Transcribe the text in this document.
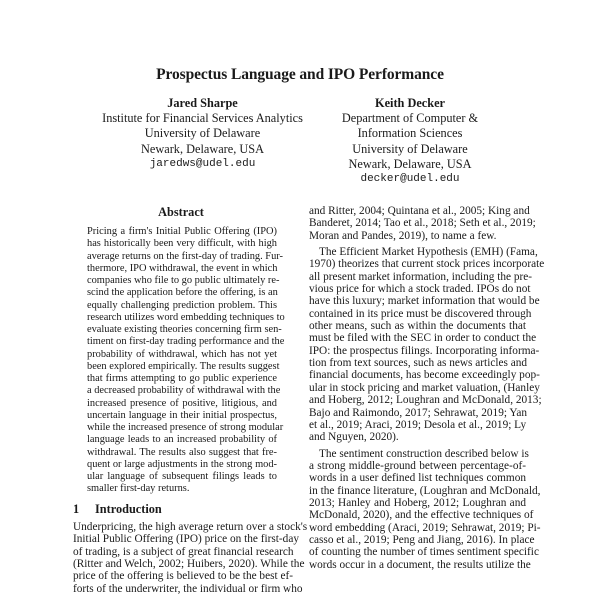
Prospectus Language and IPO Performance
Jared Sharpe
Institute for Financial Services Analytics
University of Delaware
Newark, Delaware, USA
jaredws@udel.edu
Keith Decker
Department of Computer &
Information Sciences
University of Delaware
Newark, Delaware, USA
decker@udel.edu
Abstract
Pricing a firm's Initial Public Offering (IPO)
has historically been very difficult, with high
average returns on the first-day of trading. Fur-
thermore, IPO withdrawal, the event in which
companies who file to go public ultimately re-
scind the application before the offering, is an
equally challenging prediction problem. This
research utilizes word embedding techniques to
evaluate existing theories concerning firm sen-
timent on first-day trading performance and the
probability of withdrawal, which has not yet
been explored empirically. The results suggest
that firms attempting to go public experience
a decreased probability of withdrawal with the
increased presence of positive, litigious, and
uncertain language in their initial prospectus,
while the increased presence of strong modular
language leads to an increased probability of
withdrawal. The results also suggest that fre-
quent or large adjustments in the strong mod-
ular language of subsequent filings leads to
smaller first-day returns.
1 Introduction
Underpricing, the high average return over a stock's
Initial Public Offering (IPO) price on the first-day
of trading, is a subject of great financial research
(Ritter and Welch, 2002; Huibers, 2020). While the
price of the offering is believed to be the best ef-
forts of the underwriter, the individual or firm who
and Ritter, 2004; Quintana et al., 2005; King and
Banderet, 2014; Tao et al., 2018; Seth et al., 2019;
Moran and Pandes, 2019), to name a few.
The Efficient Market Hypothesis (EMH) (Fama,
1970) theorizes that current stock prices incorporate
all present market information, including the pre-
vious price for which a stock traded. IPOs do not
have this luxury; market information that would be
contained in its price must be discovered through
other means, such as within the documents that
must be filed with the SEC in order to conduct the
IPO: the prospectus filings. Incorporating informa-
tion from text sources, such as news articles and
financial documents, has become exceedingly pop-
ular in stock pricing and market valuation, (Hanley
and Hoberg, 2012; Loughran and McDonald, 2013;
Bajo and Raimondo, 2017; Sehrawat, 2019; Yan
et al., 2019; Araci, 2019; Desola et al., 2019; Ly
and Nguyen, 2020).
The sentiment construction described below is
a strong middle-ground between percentage-of-
words in a user defined list techniques common
in the finance literature, (Loughran and McDonald,
2013; Hanley and Hoberg, 2012; Loughran and
McDonald, 2020), and the effective techniques of
word embedding (Araci, 2019; Sehrawat, 2019; Pi-
casso et al., 2019; Peng and Jiang, 2016). In place
of counting the number of times sentiment specific
words occur in a document, the results utilize the
